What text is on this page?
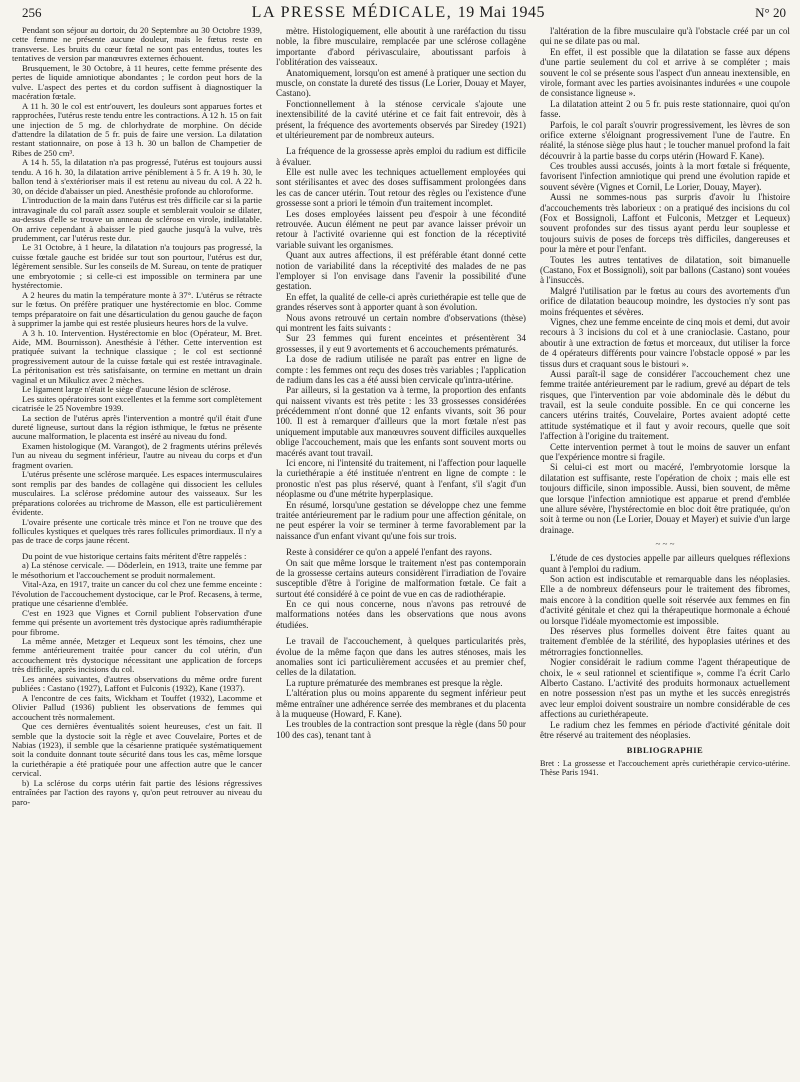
256	LA PRESSE MÉDICALE, 19 Mai 1945	N° 20

Pendant son séjour au dortoir, du 20 Septembre au 30 Octobre 1939, cette femme ne présente aucune douleur, mais le fœtus reste en transverse. Les bruits du cœur fœtal ne sont pas entendus, toutes les tentatives de version par manœuvres externes échouent.

Brusquement, le 30 Octobre, à 11 heures, cette femme présente des pertes de liquide amniotique abondantes ; le cordon peut hors de la vulve. L'aspect des pertes et du cordon suffisent à diagnostiquer la macération fœtale.

A 11 h. 30 le col est entr'ouvert, les douleurs sont apparues fortes et rapprochées, l'utérus reste tendu entre les contractions. A 12 h. 15 on fait une injection de 5 mg. de chlorhydrate de morphine. On décide d'attendre la dilatation de 5 fr. puis de faire une version. La dilatation restant stationnaire, on pose à 13 h. 30 un ballon de Champetier de Ribes de 250 cm³.

A 14 h. 55, la dilatation n'a pas progressé, l'utérus est toujours aussi tendu. A 16 h. 30, la dilatation arrive péniblement à 5 fr. A 19 h. 30, le ballon tend à s'extérioriser mais il est retenu au niveau du col. A 22 h. 30, on décide d'abaisser un pied. Anesthésie profonde au chloroforme.

L'introduction de la main dans l'utérus est très difficile car si la partie intravaginale du col paraît assez souple et semblerait vouloir se dilater, au-dessus d'elle se trouve un anneau de sclérose en virole, indilatable. On arrive cependant à abaisser le pied gauche jusqu'à la vulve, très prudemment, car l'utérus reste dur.

Le 31 Octobre, à 1 heure, la dilatation n'a toujours pas progressé, la cuisse fœtale gauche est bridée sur tout son pourtour, l'utérus est dur, légèrement sensible. Sur les conseils de M. Sureau, on tente de pratiquer une embryotomie ; si celle-ci est impossible on terminera par une hystérectomie.

A 2 heures du matin la température monte à 37°. L'utérus se rétracte sur le fœtus. On préfère pratiquer une hystérectomie en bloc. Comme temps préparatoire on fait une désarticulation du genou gauche de façon à supprimer la jambe qui est restée plusieurs heures hors de la vulve.

A 3 h. 10. Intervention. Hystérectomie en bloc (Opérateur, M. Bret. Aide, MM. Bournisson). Anesthésie à l'éther. Cette intervention est pratiquée suivant la technique classique ; le col est sectionné progressivement autour de la cuisse fœtale qui est restée intravaginale. La péritonisation est très satisfaisante, on termine en mettant un drain vaginal et un Mikulicz avec 2 mèches.

Le ligament large n'était le siège d'aucune lésion de sclérose.

Les suites opératoires sont excellentes et la femme sort complètement cicatrisée le 25 Novembre 1939.

La section de l'utérus après l'intervention a montré qu'il était d'une dureté ligneuse, surtout dans la région isthmique, le fœtus ne présente aucune malformation, le placenta est inséré au niveau du fond.

Examen histologique (M. Varangot), de 2 fragments utérins prélevés l'un au niveau du segment inférieur, l'autre au niveau du corps et d'un fragment ovarien.

L'utérus présente une sclérose marquée. Les espaces intermusculaires sont remplis par des bandes de collagène qui dissocient les cellules musculaires. La sclérose prédomine autour des vaisseaux. Sur les préparations colorées au trichrome de Masson, elle est particulièrement évidente.

L'ovaire présente une corticale très mince et l'on ne trouve que des follicules kystiques et quelques très rares follicules primordiaux. Il n'y a pas de trace de corps jaune récent.

Du point de vue historique certains faits méritent d'être rappelés :

a) La sténose cervicale. — Döderlein, en 1913, traite une femme par le mésothorium et l'accouchement se produit normalement.

Vital-Aza, en 1917, traite un cancer du col chez une femme enceinte : l'évolution de l'accouchement dystocique, car le Prof. Recasens, à terme, pratique une césarienne d'emblée.

C'est en 1923 que Vignes et Cornil publient l'observation d'une femme qui présente un avortement très dystocique après radiumthérapie pour fibrome.

La même année, Metzger et Lequeux sont les témoins, chez une femme antérieurement traitée pour cancer du col utérin, d'un accouchement très dystocique nécessitant une application de forceps très difficile, après incisions du col.

Les années suivantes, d'autres observations du même ordre furent publiées : Castano (1927), Laffont et Fulconis (1932), Kane (1937).

A l'encontre de ces faits, Wickham et Touffet (1932), Lacomme et Olivier Pallud (1936) publient les observations de femmes qui accouchent très normalement.

Que ces dernières éventualités soient heureuses, c'est un fait. Il semble que la dystocie soit la règle et avec Couvelaire, Portes et de Nabias (1923), il semble que la césarienne pratiquée systématiquement soit la conduite donnant toute sécurité dans tous les cas, même lorsque la curiethérapie a été pratiquée pour une affection autre que le cancer cervical.

b) La sclérose du corps utérin fait partie des lésions régressives entraînées par l'action des rayons γ, qu'on peut retrouver au niveau du paro-

mètre. Histologiquement, elle aboutit à une raréfaction du tissu noble, la fibre musculaire, remplacée par une sclérose collagène importante d'abord périvasculaire, aboutissant parfois à l'oblitération des vaisseaux.

Anatomiquement, lorsqu'on est amené à pratiquer une section du muscle, on constate la dureté des tissus (Le Lorier, Douay et Mayer, Castano).

Fonctionnellement à la sténose cervicale s'ajoute une inextensibilité de la cavité utérine et ce fait fait entrevoir, dès à présent, la fréquence des avortements observés par Siredey (1921) et ultérieurement par de nombreux auteurs.

La fréquence de la grossesse après emploi du radium est difficile à évaluer.

Elle est nulle avec les techniques actuellement employées qui sont stérilisantes et avec des doses suffisamment prolongées dans les cas de cancer utérin. Tout retour des règles ou l'existence d'une grossesse sont a priori le témoin d'un traitement incomplet.

Les doses employées laissent peu d'espoir à une fécondité retrouvée. Aucun élément ne peut par avance laisser prévoir un retour à l'activité ovarienne qui est fonction de la réceptivité variable suivant les organismes.

Quant aux autres affections, il est préférable étant donné cette notion de variabilité dans la réceptivité des malades de ne pas l'employer si l'on envisage dans l'avenir la possibilité d'une gestation.

En effet, la qualité de celle-ci après curiethérapie est telle que de grandes réserves sont à apporter quant à son évolution.

Nous avons retrouvé un certain nombre d'observations (thèse) qui montrent les faits suivants :

Sur 23 femmes qui furent enceintes et présentèrent 34 grossesses, il y eut 9 avortements et 6 accouchements prématurés.

La dose de radium utilisée ne paraît pas entrer en ligne de compte : les femmes ont reçu des doses très variables ; l'application de radium dans les cas a été aussi bien cervicale qu'intra-utérine.

Par ailleurs, si la gestation va à terme, la proportion des enfants qui naissent vivants est très petite : les 33 grossesses considérées précédemment n'ont donné que 12 enfants vivants, soit 36 pour 100. Il est à remarquer d'ailleurs que la mort fœtale n'est pas uniquement imputable aux manœuvres souvent difficiles auxquelles oblige l'accouchement, mais que les enfants sont souvent morts ou macérés avant tout travail.

Ici encore, ni l'intensité du traitement, ni l'affection pour laquelle la curiethérapie a été instituée n'entrent en ligne de compte : le pronostic n'est pas plus réservé, quant à l'enfant, s'il s'agit d'un néoplasme ou d'une métrite hyperplasique.

En résumé, lorsqu'une gestation se développe chez une femme traitée antérieurement par le radium pour une affection génitale, on ne peut espérer la voir se terminer à terme favorablement par la naissance d'un enfant vivant qu'une fois sur trois.

Reste à considérer ce qu'on a appelé l'enfant des rayons.

On sait que même lorsque le traitement n'est pas contemporain de la grossesse certains auteurs considèrent l'irradiation de l'ovaire susceptible d'être à l'origine de malformation fœtale. Ce fait a surtout été considéré à ce point de vue en cas de radiothérapie.

En ce qui nous concerne, nous n'avons pas retrouvé de malformations notées dans les observations que nous avons étudiées.

Le travail de l'accouchement, à quelques particularités près, évolue de la même façon que dans les autres sténoses, mais les anomalies sont ici particulièrement accusées et au premier chef, celles de la dilatation.

La rupture prématurée des membranes est presque la règle.

L'altération plus ou moins apparente du segment inférieur peut même entraîner une adhérence serrée des membranes et du placenta à la muqueuse (Howard, F. Kane).

Les troubles de la contraction sont presque la règle (dans 50 pour 100 des cas), tenant tant à

l'altération de la fibre musculaire qu'à l'obstacle créé par un col qui ne se dilate pas ou mal.

En effet, il est possible que la dilatation se fasse aux dépens d'une partie seulement du col et arrive à se compléter ; mais souvent le col se présente sous l'aspect d'un anneau inextensible, en virole, formant avec les parties avoisinantes indurées « une coupole de consistance ligneuse ».

La dilatation atteint 2 ou 5 fr. puis reste stationnaire, quoi qu'on fasse.

Parfois, le col paraît s'ouvrir progressivement, les lèvres de son orifice externe s'éloignant progressivement l'une de l'autre. En réalité, la sténose siège plus haut ; le toucher manuel profond la fait découvrir à la partie basse du corps utérin (Howard F. Kane).

Ces troubles aussi accusés, joints à la mort fœtale si fréquente, favorisent l'infection amniotique qui prend une évolution rapide et souvent sévère (Vignes et Cornil, Le Lorier, Douay, Mayer).

Aussi ne sommes-nous pas surpris d'avoir lu l'histoire d'accouchements très laborieux : on a pratiqué des incisions du col (Fox et Bossignoli, Laffont et Fulconis, Metzger et Lequeux) souvent profondes sur des tissus ayant perdu leur souplesse et toujours suivis de poses de forceps très difficiles, dangereuses et pour la mère et pour l'enfant.

Toutes les autres tentatives de dilatation, soit bimanuelle (Castano, Fox et Bossignoli), soit par ballons (Castano) sont vouées à l'insuccès.

Malgré l'utilisation par le fœtus au cours des avortements d'un orifice de dilatation beaucoup moindre, les dystocies n'y sont pas moins fréquentes et sévères.

Vignes, chez une femme enceinte de cinq mois et demi, dut avoir recours à 3 incisions du col et à une cranioclasie. Castano, pour aboutir à une extraction de fœtus et morceaux, dut utiliser la force de 4 opérateurs différents pour vaincre l'obstacle opposé » par les tissus durs et craquant sous le bistouri ».

Aussi paraît-il sage de considérer l'accouchement chez une femme traitée antérieurement par le radium, grevé au départ de tels risques, que l'intervention par voie abdominale dès le début du travail, est la seule conduite possible. En ce qui concerne les cancers utérins traités, Couvelaire, Portes avaient adopté cette attitude systématique et il faut y avoir recours, quelle que soit l'affection à l'origine du traitement.

Cette intervention permet à tout le moins de sauver un enfant que l'expérience montre si fragile.

Si celui-ci est mort ou macéré, l'embryotomie lorsque la dilatation est suffisante, reste l'opération de choix ; mais elle est toujours difficile, sinon impossible. Aussi, bien souvent, de même que lorsque l'infection amniotique est apparue et prend d'emblée une allure sévère, l'hystérectomie en bloc doit être pratiquée, qu'on soit à terme ou non (Le Lorier, Douay et Mayer) et suivie d'un large drainage.

~ ~ ~

L'étude de ces dystocies appelle par ailleurs quelques réflexions quant à l'emploi du radium.

Son action est indiscutable et remarquable dans les néoplasies. Elle a de nombreux défenseurs pour le traitement des fibromes, mais encore à la condition quelle soit réservée aux femmes en fin d'activité génitale et chez qui la thérapeutique hormonale a échoué ou lorsque l'idéale myomectomie est impossible.

Des réserves plus formelles doivent être faites quant au traitement d'emblée de la stérilité, des hypoplasies utérines et des métrorragies fonctionnelles.

Nogier considérait le radium comme l'agent thérapeutique de choix, le « seul rationnel et scientifique », comme l'a écrit Carlo Alberto Castano. L'activité des produits hormonaux actuellement en notre possession n'est pas un mythe et les succès enregistrés avec leur emploi doivent soustraire un nombre considérable de ces affections au curiethérapeute.

Le radium chez les femmes en période d'activité génitale doit être réservé au traitement des néoplasies.

BIBLIOGRAPHIE

Bret : La grossesse et l'accouchement après curiethérapie cervico-utérine. Thèse Paris 1941.
